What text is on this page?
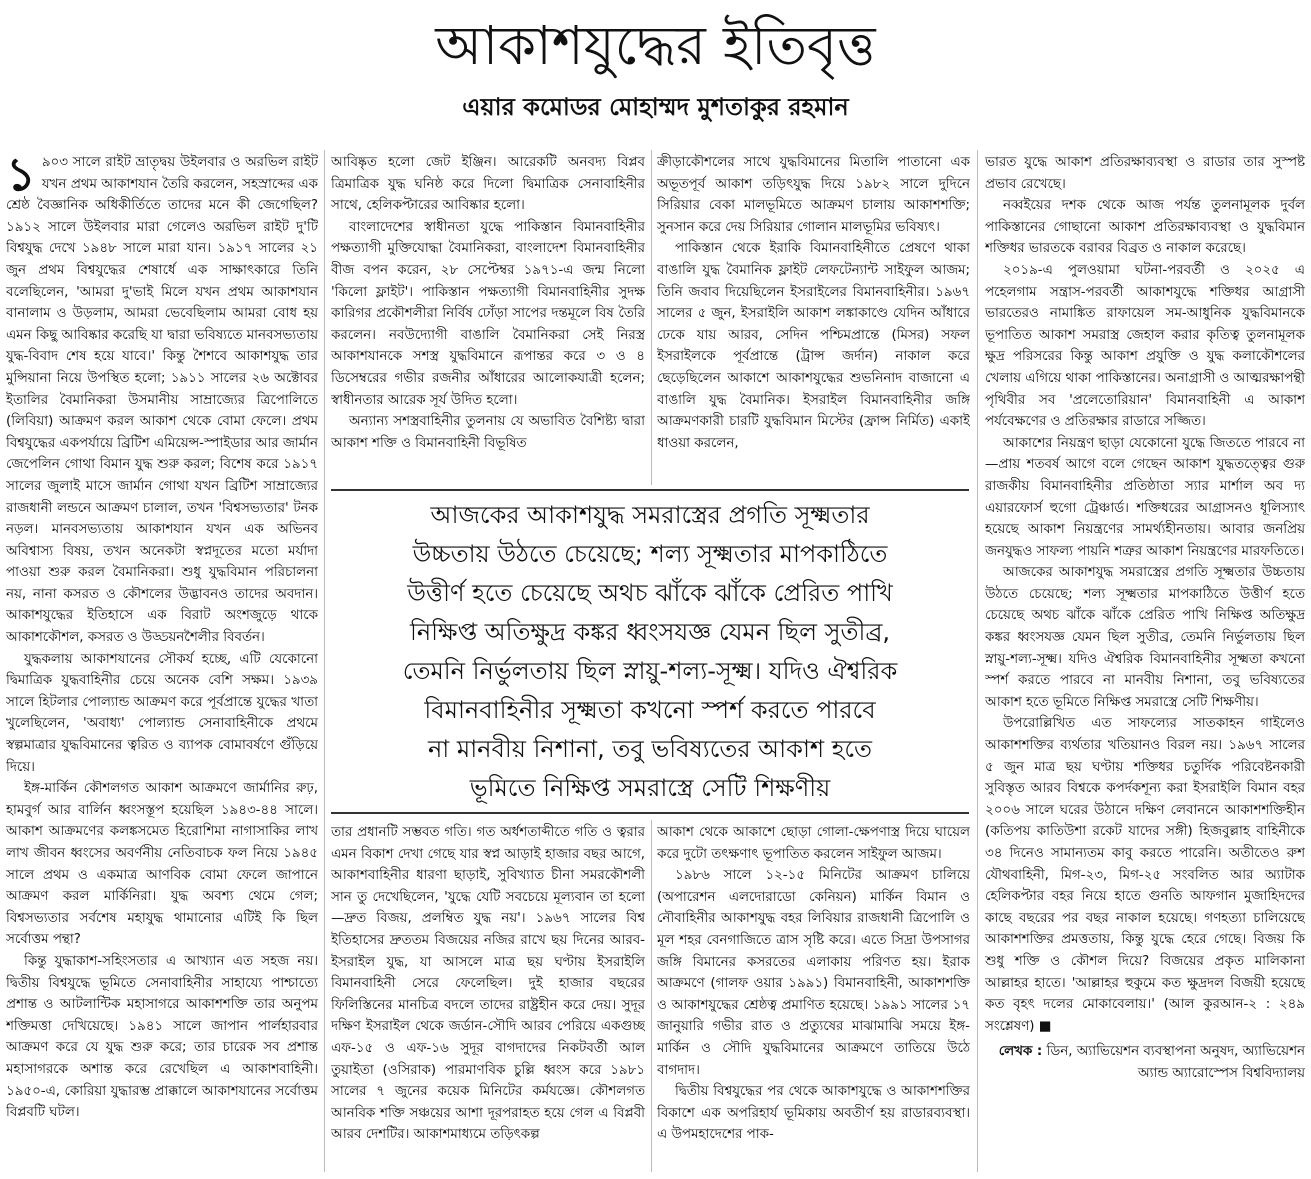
আকাশযুদ্ধের ইতিবৃত্ত
এয়ার কমোডর মোহাম্মদ মুশতাকুর রহমান

১ ৯০৩ সালে রাইট ভ্রাতৃদ্বয় উইলবার ও অরভিল রাইট যখন প্রথম আকাশযান তৈরি করলেন, সহস্রাব্দের এক শ্রেষ্ঠ বৈজ্ঞানিক অধিকীর্তিতে তাদের মনে কী জেগেছিল? ১৯১২ সালে উইলবার মারা গেলেও অরভিল রাইট দু'টি বিশ্বযুদ্ধ দেখে ১৯৪৮ সালে মারা যান। ১৯১৭ সালের ২১ জুন প্রথম বিশ্বযুদ্ধের শেষার্ধে এক সাক্ষাৎকারে তিনি বলেছিলেন, 'আমরা দু'ভাই মিলে যখন প্রথম আকাশযান বানালাম ও উড়লাম, আমরা ভেবেছিলাম আমরা বোধ হয় এমন কিছু আবিষ্কার করেছি যা দ্বারা ভবিষ্যতে মানবসভ্যতায় যুদ্ধ-বিবাদ শেষ হয়ে যাবে।' কিন্তু শৈশবে আকাশযুদ্ধ তার মুন্সিয়ানা নিয়ে উপস্থিত হলো; ১৯১১ সালের ২৬ অক্টোবর ইতালির বৈমানিকরা উসমানীয় সাম্রাজ্যের ত্রিপোলিতে (লিবিয়া) আক্রমণ করল আকাশ থেকে বোমা ফেলে। প্রথম বিশ্বযুদ্ধের একপর্যায়ে ব্রিটিশ এমিয়েন্স-স্পাইডার আর জার্মান জেপেলিন গোথা বিমান যুদ্ধ শুরু করল; বিশেষ করে ১৯১৭ সালের জুলাই মাসে জার্মান গোথা যখন ব্রিটিশ সাম্রাজ্যের রাজধানী লন্ডনে আক্রমণ চালাল, তখন 'বিশ্বসভ্যতার' টনক নড়ল। মানবসভ্যতায় আকাশযান যখন এক অভিনব অবিশ্বাস্য বিষয়, তখন অনেকটা স্বপ্নদূতের মতো মর্যাদা পাওয়া শুরু করল বৈমানিকরা। শুধু যুদ্ধবিমান পরিচালনা নয়, নানা কসরত ও কৌশলের উদ্ভাবনও তাদের অবদান। আকাশযুদ্ধের ইতিহাসে এক বিরাট অংশজুড়ে থাকে আকাশকৌশল, কসরত ও উড্ডয়নশৈলীর বিবর্তন।

যুদ্ধকলায় আকাশযানের সৌকর্য হচ্ছে, এটি যেকোনো দ্বিমাত্রিক যুদ্ধবাহিনীর চেয়ে অনেক বেশি সক্ষম। ১৯৩৯ সালে হিটলার পোল্যান্ড আক্রমণ করে পূর্বপ্রান্তে যুদ্ধের খাতা খুলেছিলেন, 'অবাধ্য' পোল্যান্ড সেনাবাহিনীকে প্রথমে স্বল্পমাত্রার যুদ্ধবিমানের ত্বরিত ও ব্যাপক বোমাবর্ষণে গুঁড়িয়ে দিয়ে।

ইঙ্গ-মার্কিন কৌশলগত আকাশ আক্রমণে জার্মানির রুঢ়, হামবুর্গ আর বার্লিন ধ্বংসস্তূপ হয়েছিল ১৯৪৩-৪৪ সালে। আকাশ আক্রমণের কলঙ্কসমেত হিরোশিমা নাগাসাকির লাখ লাখ জীবন ধ্বংসের অবর্ণনীয় নেতিবাচক ফল নিয়ে ১৯৪৫ সালে প্রথম ও একমাত্র আণবিক বোমা ফেলে জাপানে আক্রমণ করল মার্কিনিরা। যুদ্ধ অবশ্য থেমে গেল; বিশ্বসভ্যতার সর্বশেষ মহাযুদ্ধ থামানোর এটিই কি ছিল সর্বোত্তম পন্থা?

কিন্তু যুদ্ধাকাশ-সহিংসতার এ আখ্যান এত সহজ নয়। দ্বিতীয় বিশ্বযুদ্ধে ভূমিতে সেনাবাহিনীর সাহায্যে পাশ্চাত্যে প্রশান্ত ও আটলান্টিক মহাসাগরে আকাশশক্তি তার অনুপম শক্তিমত্তা দেখিয়েছে। ১৯৪১ সালে জাপান পার্লহারবার আক্রমণ করে যে যুদ্ধ শুরু করে; তার চারেক সব প্রশান্ত মহাসাগরকে অশান্ত করে রেখেছিল এ আকাশবাহিনী। ১৯৫০-এ, কোরিয়া যুদ্ধারম্ভ প্রাক্কালে আকাশযানের সর্বোত্তম বিপ্লবটি ঘটল।

আবিষ্কৃত হলো জেট ইঞ্জিন। আরেকটি অনবদ্য বিপ্লব ত্রিমাত্রিক যুদ্ধ ঘনিষ্ঠ করে দিলো দ্বিমাত্রিক সেনাবাহিনীর সাথে, হেলিকপ্টারের আবিষ্কার হলো।

বাংলাদেশের স্বাধীনতা যুদ্ধে পাকিস্তান বিমানবাহিনীর পক্ষত্যাগী মুক্তিযোদ্ধা বৈমানিকরা, বাংলাদেশ বিমানবাহিনীর বীজ বপন করেন, ২৮ সেপ্টেম্বর ১৯৭১-এ জন্ম নিলো 'কিলো ফ্লাইট'। পাকিস্তান পক্ষত্যাগী বিমানবাহিনীর সুদক্ষ কারিগর প্রকৌশলীরা নির্বিষ ঢোঁড়া সাপের দন্তমূলে বিষ তৈরি করলেন। নবউদ্যোগী বাঙালি বৈমানিকরা সেই নিরস্ত্র আকাশযানকে সশস্ত্র যুদ্ধবিমানে রূপান্তর করে ৩ ও ৪ ডিসেম্বরের গভীর রজনীর আঁধারের আলোকযাত্রী হলেন; স্বাধীনতার আরেক সূর্য উদিত হলো।

অন্যান্য সশস্ত্রবাহিনীর তুলনায় যে অভাবিত বৈশিষ্ট্য দ্বারা আকাশ শক্তি ও বিমানবাহিনী বিভূষিত

ক্রীড়াকৌশলের সাথে যুদ্ধবিমানের মিতালি পাতানো এক অভূতপূর্ব আকাশ তড়িৎযুদ্ধ দিয়ে ১৯৮২ সালে দুদিনে সিরিয়ার বেকা মালভূমিতে আক্রমণ চালায় আকাশশক্তি; সুনসান করে দেয় সিরিয়ার গোলান মালভূমির ভবিষ্যৎ।

পাকিস্তান থেকে ইরাকি বিমানবাহিনীতে প্রেষণে থাকা বাঙালি যুদ্ধ বৈমানিক ফ্লাইট লেফটেন্যান্ট সাইফুল আজম; তিনি জবাব দিয়েছিলেন ইসরাইলের বিমানবাহিনীর। ১৯৬৭ সালের ৫ জুন, ইসরাইলি আকাশ লঙ্কাকাণ্ডে যেদিন আঁধারে ঢেকে যায় আরব, সেদিন পশ্চিমপ্রান্তে (মিসর) সফল ইসরাইলকে পূর্বপ্রান্তে (ট্রান্স জর্দান) নাকাল করে ছেড়েছিলেন আকাশে আকাশযুদ্ধের শুভনিনাদ বাজানো এ বাঙালি যুদ্ধ বৈমানিক। ইসরাইল বিমানবাহিনীর জঙ্গি আক্রমণকারী চারটি যুদ্ধবিমান মিস্টের (ফ্রান্স নির্মিত) একাই ধাওয়া করলেন,

আজকের আকাশযুদ্ধ সমরাস্ত্রের প্রগতি সূক্ষ্মতার
উচ্চতায় উঠতে চেয়েছে; শল্য সূক্ষ্মতার মাপকাঠিতে
উত্তীর্ণ হতে চেয়েছে অথচ ঝাঁকে ঝাঁকে প্রেরিত পাখি
নিক্ষিপ্ত অতিক্ষুদ্র কঙ্কর ধ্বংসযজ্ঞ যেমন ছিল সুতীব্র,
তেমনি নির্ভুলতায় ছিল স্নায়ু-শল্য-সূক্ষ্ম। যদিও ঐশ্বরিক
বিমানবাহিনীর সূক্ষ্মতা কখনো স্পর্শ করতে পারবে
না মানবীয় নিশানা, তবু ভবিষ্যতের আকাশ হতে
ভূমিতে নিক্ষিপ্ত সমরাস্ত্রে সেটি শিক্ষণীয়

তার প্রধানটি সম্ভবত গতি। গত অর্ধশতাব্দীতে গতি ও ত্বরার এমন বিকাশ দেখা গেছে যার স্বপ্ন আড়াই হাজার বছর আগে, আকাশবাহিনীর ধারণা ছাড়াই, সুবিখ্যাত চীনা সমরকৌশলী সান তু দেখেছিলেন, 'যুদ্ধে যেটি সবচেয়ে মূল্যবান তা হলো—দ্রুত বিজয়, প্রলম্বিত যুদ্ধ নয়'। ১৯৬৭ সালের বিশ্ব ইতিহাসের দ্রুততম বিজয়ের নজির রাখে ছয় দিনের আরব-ইসরাইল যুদ্ধ, যা আসলে মাত্র ছয় ঘণ্টায় ইসরাইলি বিমানবাহিনী সেরে ফেলেছিল। দুই হাজার বছরের ফিলিস্তিনের মানচিত্র বদলে তাদের রাষ্ট্রহীন করে দেয়। সুদূর দক্ষিণ ইসরাইল থেকে জর্ডান-সৌদি আরব পেরিয়ে একগুচ্ছ এফ-১৫ ও এফ-১৬ সুদূর বাগদাদের নিকটবর্তী আল তুয়াইতা (ওসিরাক) পারমাণবিক চুল্লি ধ্বংস করে ১৯৮১ সালের ৭ জুনের কয়েক মিনিটের কর্মযজ্ঞে। কৌশলগত আনবিক শক্তি সঞ্চয়ের আশা দূরপরাহত হয়ে গেল এ বিপ্লবী আরব দেশটির। আকাশমাধ্যমে তড়িৎকল্প

আকাশ থেকে আকাশে ছোড়া গোলা-ক্ষেপণাস্ত্র দিয়ে ঘায়েল করে দুটো তৎক্ষণাৎ ভূপাতিত করলেন সাইফুল আজম।

১৯৮৬ সালে ১২-১৫ মিনিটের আক্রমণ চালিয়ে (অপারেশন এলদোরাডো কেনিয়ন) মার্কিন বিমান ও নৌবাহিনীর আকাশযুদ্ধ বহর লিবিয়ার রাজধানী ত্রিপোলি ও মূল শহর বেনগাজিতে ত্রাস সৃষ্টি করে। এতে সিদ্রা উপসাগর জঙ্গি বিমানের কসরতের এলাকায় পরিণত হয়। ইরাক আক্রমণে (গালফ ওয়ার ১৯৯১) বিমানবাহিনী, আকাশশক্তি ও আকাশযুদ্ধের শ্রেষ্ঠত্ব প্রমাণিত হয়েছে। ১৯৯১ সালের ১৭ জানুয়ারি গভীর রাত ও প্রত্যুষের মাঝামাঝি সময়ে ইঙ্গ-মার্কিন ও সৌদি যুদ্ধবিমানের আক্রমণে তাতিয়ে উঠে বাগদাদ।

দ্বিতীয় বিশ্বযুদ্ধের পর থেকে আকাশযুদ্ধে ও আকাশশক্তির বিকাশে এক অপরিহার্য ভূমিকায় অবতীর্ণ হয় রাডারব্যবস্থা। এ উপমহাদেশের পাক-

ভারত যুদ্ধে আকাশ প্রতিরক্ষাব্যবস্থা ও রাডার তার সুস্পষ্ট প্রভাব রেখেছে।

নব্বইয়ের দশক থেকে আজ পর্যন্ত তুলনামূলক দুর্বল পাকিস্তানের গোছানো আকাশ প্রতিরক্ষাব্যবস্থা ও যুদ্ধবিমান শক্তিধর ভারতকে বরাবর বিব্রত ও নাকাল করেছে।

২০১৯-এ পুলওয়ামা ঘটনা-পরবর্তী ও ২০২৫ এ পহেলগাম সন্ত্রাস-পরবর্তী আকাশযুদ্ধে শক্তিধর আগ্রাসী ভারতেরও নামাঙ্কিত রাফায়েল সম-আধুনিক যুদ্ধবিমানকে ভূপাতিত আকাশ সমরাস্ত্র জেহাল করার কৃতিত্ব তুলনামূলক ক্ষুদ্র পরিসরের কিন্তু আকাশ প্রযুক্তি ও যুদ্ধ কলাকৌশলের খেলায় এগিয়ে থাকা পাকিস্তানের। অনাগ্রাসী ও আত্মরক্ষাপন্থী পৃথিবীর সব 'প্রলেতোরিয়ান' বিমানবাহিনী এ আকাশ পর্যবেক্ষণের ও প্রতিরক্ষার রাডারে সজ্জিত।

আকাশের নিয়ন্ত্রণ ছাড়া যেকোনো যুদ্ধে জিততে পারবে না—প্রায় শতবর্ষ আগে বলে গেছেন আকাশ যুদ্ধতত্ত্বের গুরু রাজকীয় বিমানবাহিনীর প্রতিষ্ঠাতা স্যার মার্শাল অব দ্য এয়ারফোর্স হুগো ট্রেঞ্চার্ড। শক্তিধরের আগ্রাসনও ধূলিস্যাৎ হয়েছে আকাশ নিয়ন্ত্রণের সামর্থ্যহীনতায়। আবার জনপ্রিয় জনযুদ্ধও সাফল্য পায়নি শত্রুর আকাশ নিয়ন্ত্রণের মারফতিতে।

আজকের আকাশযুদ্ধ সমরাস্ত্রের প্রগতি সূক্ষ্মতার উচ্চতায় উঠতে চেয়েছে; শল্য সূক্ষ্মতার মাপকাঠিতে উত্তীর্ণ হতে চেয়েছে অথচ ঝাঁকে ঝাঁকে প্রেরিত পাখি নিক্ষিপ্ত অতিক্ষুদ্র কঙ্কর ধ্বংসযজ্ঞ যেমন ছিল সুতীব্র, তেমনি নির্ভুলতায় ছিল স্নায়ু-শল্য-সূক্ষ্ম। যদিও ঐশ্বরিক বিমানবাহিনীর সূক্ষ্মতা কখনো স্পর্শ করতে পারবে না মানবীয় নিশানা, তবু ভবিষ্যতের আকাশ হতে ভূমিতে নিক্ষিপ্ত সমরাস্ত্রে সেটি শিক্ষণীয়।

উপরোল্লিখিত এত সাফল্যের সাতকাহন গাইলেও আকাশশক্তির ব্যর্থতার খতিয়ানও বিরল নয়। ১৯৬৭ সালের ৫ জুন মাত্র ছয় ঘণ্টায় শক্তিধর চতুর্দিক পরিবেষ্টনকারী সুবিস্তৃত আরব বিশ্বকে কপর্দকশূন্য করা ইসরাইলি বিমান বহর ২০০৬ সালে ঘরের উঠানে দক্ষিণ লেবাননে আকাশশক্তিহীন (কতিপয় কাতিউশা রকেট যাদের সঙ্গী) হিজবুল্লাহ বাহিনীকে ৩৪ দিনেও সামান্যতম কাবু করতে পারেনি। অতীতেও রুশ যৌথবাহিনী, মিগ-২৩, মিগ-২৫ সংবলিত আর অ্যাটাক হেলিকপ্টার বহর নিয়ে হাতে গুনতি আফগান মুজাহিদদের কাছে বছরের পর বছর নাকাল হয়েছে। গণহত্যা চালিয়েছে আকাশশক্তির প্রমত্ততায়, কিন্তু যুদ্ধে হেরে গেছে। বিজয় কি শুধু শক্তি ও কৌশল দিয়ে? বিজয়ের প্রকৃত মালিকানা আল্লাহর হাতে। 'আল্লাহর হুকুমে কত ক্ষুদ্রদল বিজয়ী হয়েছে কত বৃহৎ দলের মোকাবেলায়।' (আল কুরআন-২ : ২৪৯ সংশ্লেষণ) ■

লেখক : ডিন, অ্যাভিয়েশন ব্যবস্থাপনা অনুষদ, অ্যাভিয়েশন অ্যান্ড অ্যারোস্পেস বিশ্ববিদ্যালয়
